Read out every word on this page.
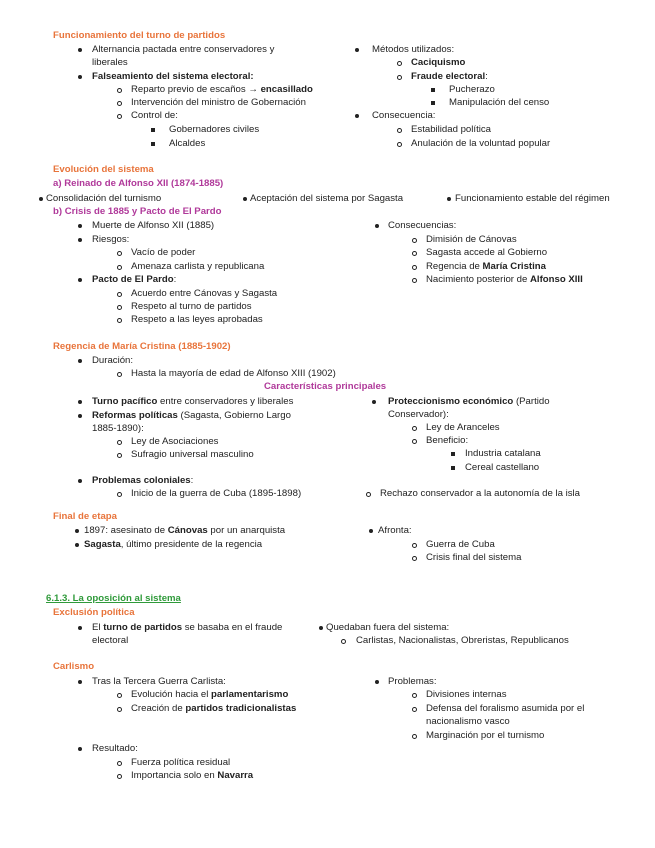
Funcionamiento del turno de partidos
Alternancia pactada entre conservadores y
liberales
Falseamiento del sistema electoral:
Reparto previo de escaños → encasillado
Intervención del ministro de Gobernación
Control de:
Gobernadores civiles
Alcaldes
Métodos utilizados:
Caciquismo
Fraude electoral:
Pucherazo
Manipulación del censo
Consecuencia:
Estabilidad política
Anulación de la voluntad popular
Evolución del sistema
a) Reinado de Alfonso XII (1874-1885)
Consolidación del turnismo	Aceptación del sistema por Sagasta	Funcionamiento estable del régimen
b) Crisis de 1885 y Pacto de El Pardo
Muerte de Alfonso XII (1885)
Riesgos:
Vacío de poder
Amenaza carlista y republicana
Pacto de El Pardo:
Acuerdo entre Cánovas y Sagasta
Respeto al turno de partidos
Respeto a las leyes aprobadas
Consecuencias:
Dimisión de Cánovas
Sagasta accede al Gobierno
Regencia de María Cristina
Nacimiento posterior de Alfonso XIII
Regencia de María Cristina (1885-1902)
Duración:
Hasta la mayoría de edad de Alfonso XIII (1902)
Características principales
Turno pacífico entre conservadores y liberales
Reformas políticas (Sagasta, Gobierno Largo
1885-1890):
Ley de Asociaciones
Sufragio universal masculino
Proteccionismo económico (Partido
Conservador):
Ley de Aranceles
Beneficio:
Industria catalana
Cereal castellano
Problemas coloniales:
Inicio de la guerra de Cuba (1895-1898)	Rechazo conservador a la autonomía de la isla
Final de etapa
1897: asesinato de Cánovas por un anarquista
Sagasta, último presidente de la regencia
Afronta:
Guerra de Cuba
Crisis final del sistema
6.1.3. La oposición al sistema
Exclusión política
El turno de partidos se basaba en el fraude
electoral
Quedaban fuera del sistema:
Carlistas, Nacionalistas, Obreristas, Republicanos
Carlismo
Tras la Tercera Guerra Carlista:
Evolución hacia el parlamentarismo
Creación de partidos tradicionalistas
Problemas:
Divisiones internas
Defensa del foralismo asumida por el
nacionalismo vasco
Marginación por el turnismo
Resultado:
Fuerza política residual
Importancia solo en Navarra
